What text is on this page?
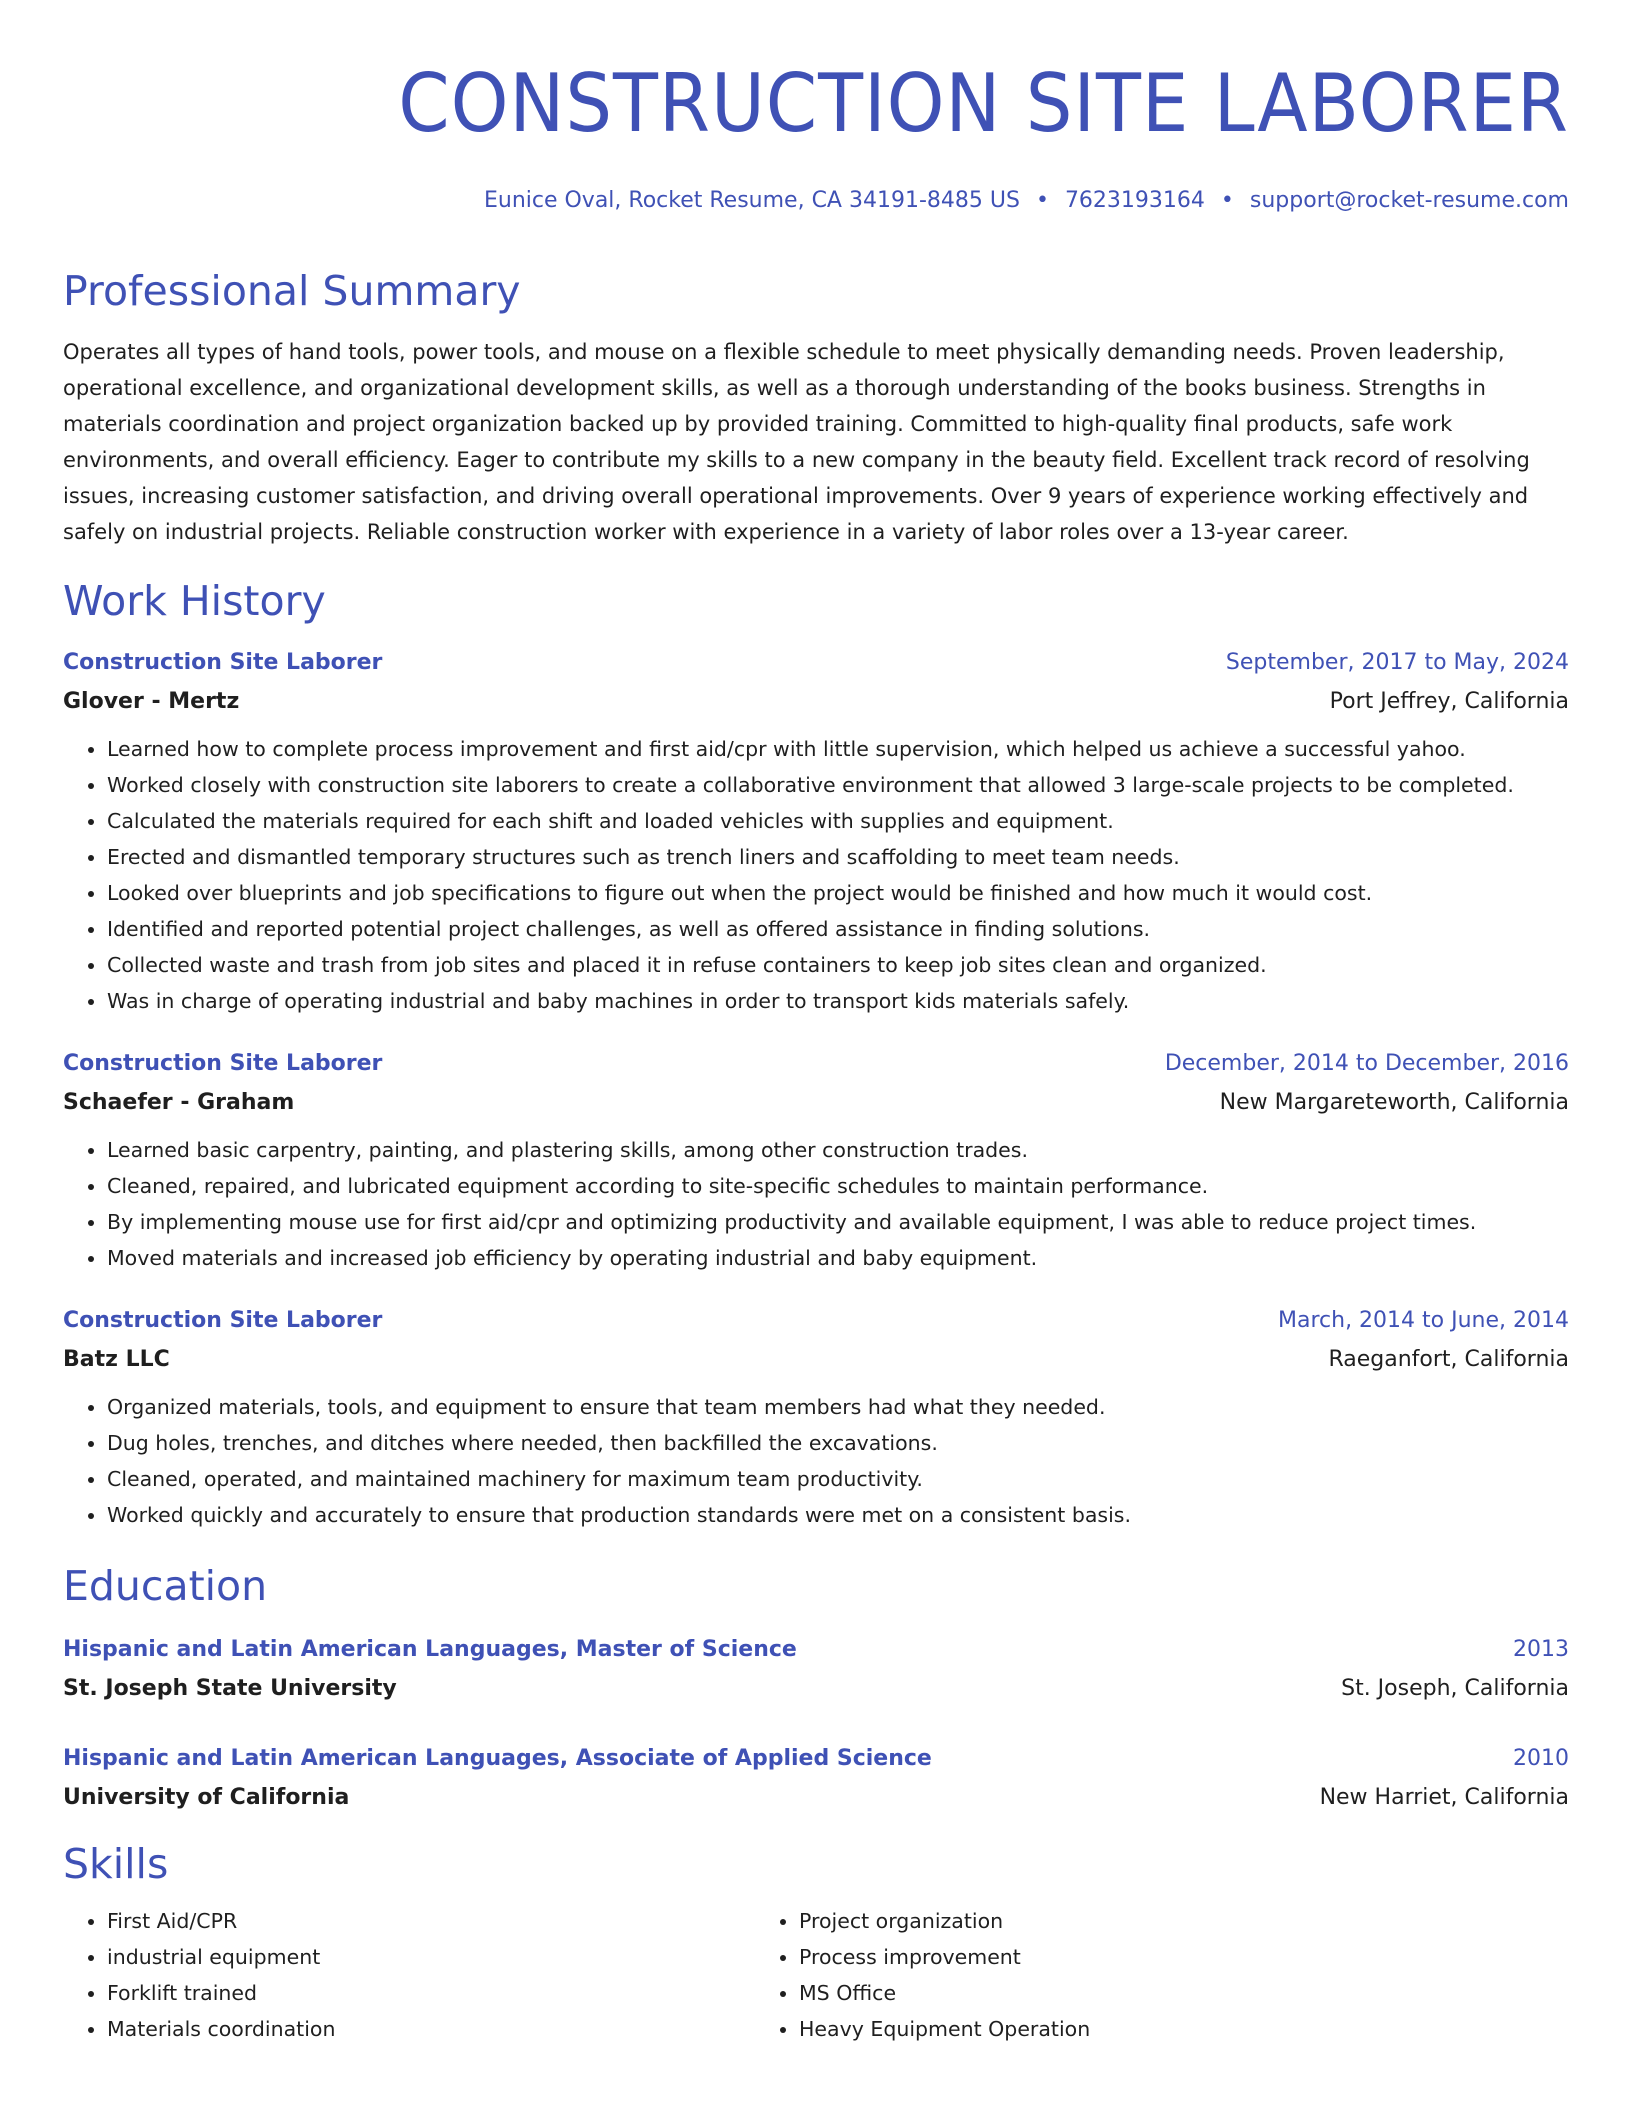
CONSTRUCTION SITE LABORER
Eunice Oval, Rocket Resume, CA 34191-8485 US • 7623193164 • support@rocket-resume.com
Professional Summary
Operates all types of hand tools, power tools, and mouse on a flexible schedule to meet physically demanding needs. Proven leadership, operational excellence, and organizational development skills, as well as a thorough understanding of the books business. Strengths in materials coordination and project organization backed up by provided training. Committed to high-quality final products, safe work environments, and overall efficiency. Eager to contribute my skills to a new company in the beauty field. Excellent track record of resolving issues, increasing customer satisfaction, and driving overall operational improvements. Over 9 years of experience working effectively and safely on industrial projects. Reliable construction worker with experience in a variety of labor roles over a 13-year career.
Work History
Construction Site Laborer	September, 2017 to May, 2024
Glover - Mertz	Port Jeffrey, California
• Learned how to complete process improvement and first aid/cpr with little supervision, which helped us achieve a successful yahoo.
• Worked closely with construction site laborers to create a collaborative environment that allowed 3 large-scale projects to be completed.
• Calculated the materials required for each shift and loaded vehicles with supplies and equipment.
• Erected and dismantled temporary structures such as trench liners and scaffolding to meet team needs.
• Looked over blueprints and job specifications to figure out when the project would be finished and how much it would cost.
• Identified and reported potential project challenges, as well as offered assistance in finding solutions.
• Collected waste and trash from job sites and placed it in refuse containers to keep job sites clean and organized.
• Was in charge of operating industrial and baby machines in order to transport kids materials safely.
Construction Site Laborer	December, 2014 to December, 2016
Schaefer - Graham	New Margareteworth, California
• Learned basic carpentry, painting, and plastering skills, among other construction trades.
• Cleaned, repaired, and lubricated equipment according to site-specific schedules to maintain performance.
• By implementing mouse use for first aid/cpr and optimizing productivity and available equipment, I was able to reduce project times.
• Moved materials and increased job efficiency by operating industrial and baby equipment.
Construction Site Laborer	March, 2014 to June, 2014
Batz LLC	Raeganfort, California
• Organized materials, tools, and equipment to ensure that team members had what they needed.
• Dug holes, trenches, and ditches where needed, then backfilled the excavations.
• Cleaned, operated, and maintained machinery for maximum team productivity.
• Worked quickly and accurately to ensure that production standards were met on a consistent basis.
Education
Hispanic and Latin American Languages, Master of Science	2013
St. Joseph State University	St. Joseph, California
Hispanic and Latin American Languages, Associate of Applied Science	2010
University of California	New Harriet, California
Skills
• First Aid/CPR
• industrial equipment
• Forklift trained
• Materials coordination
• Project organization
• Process improvement
• MS Office
• Heavy Equipment Operation
